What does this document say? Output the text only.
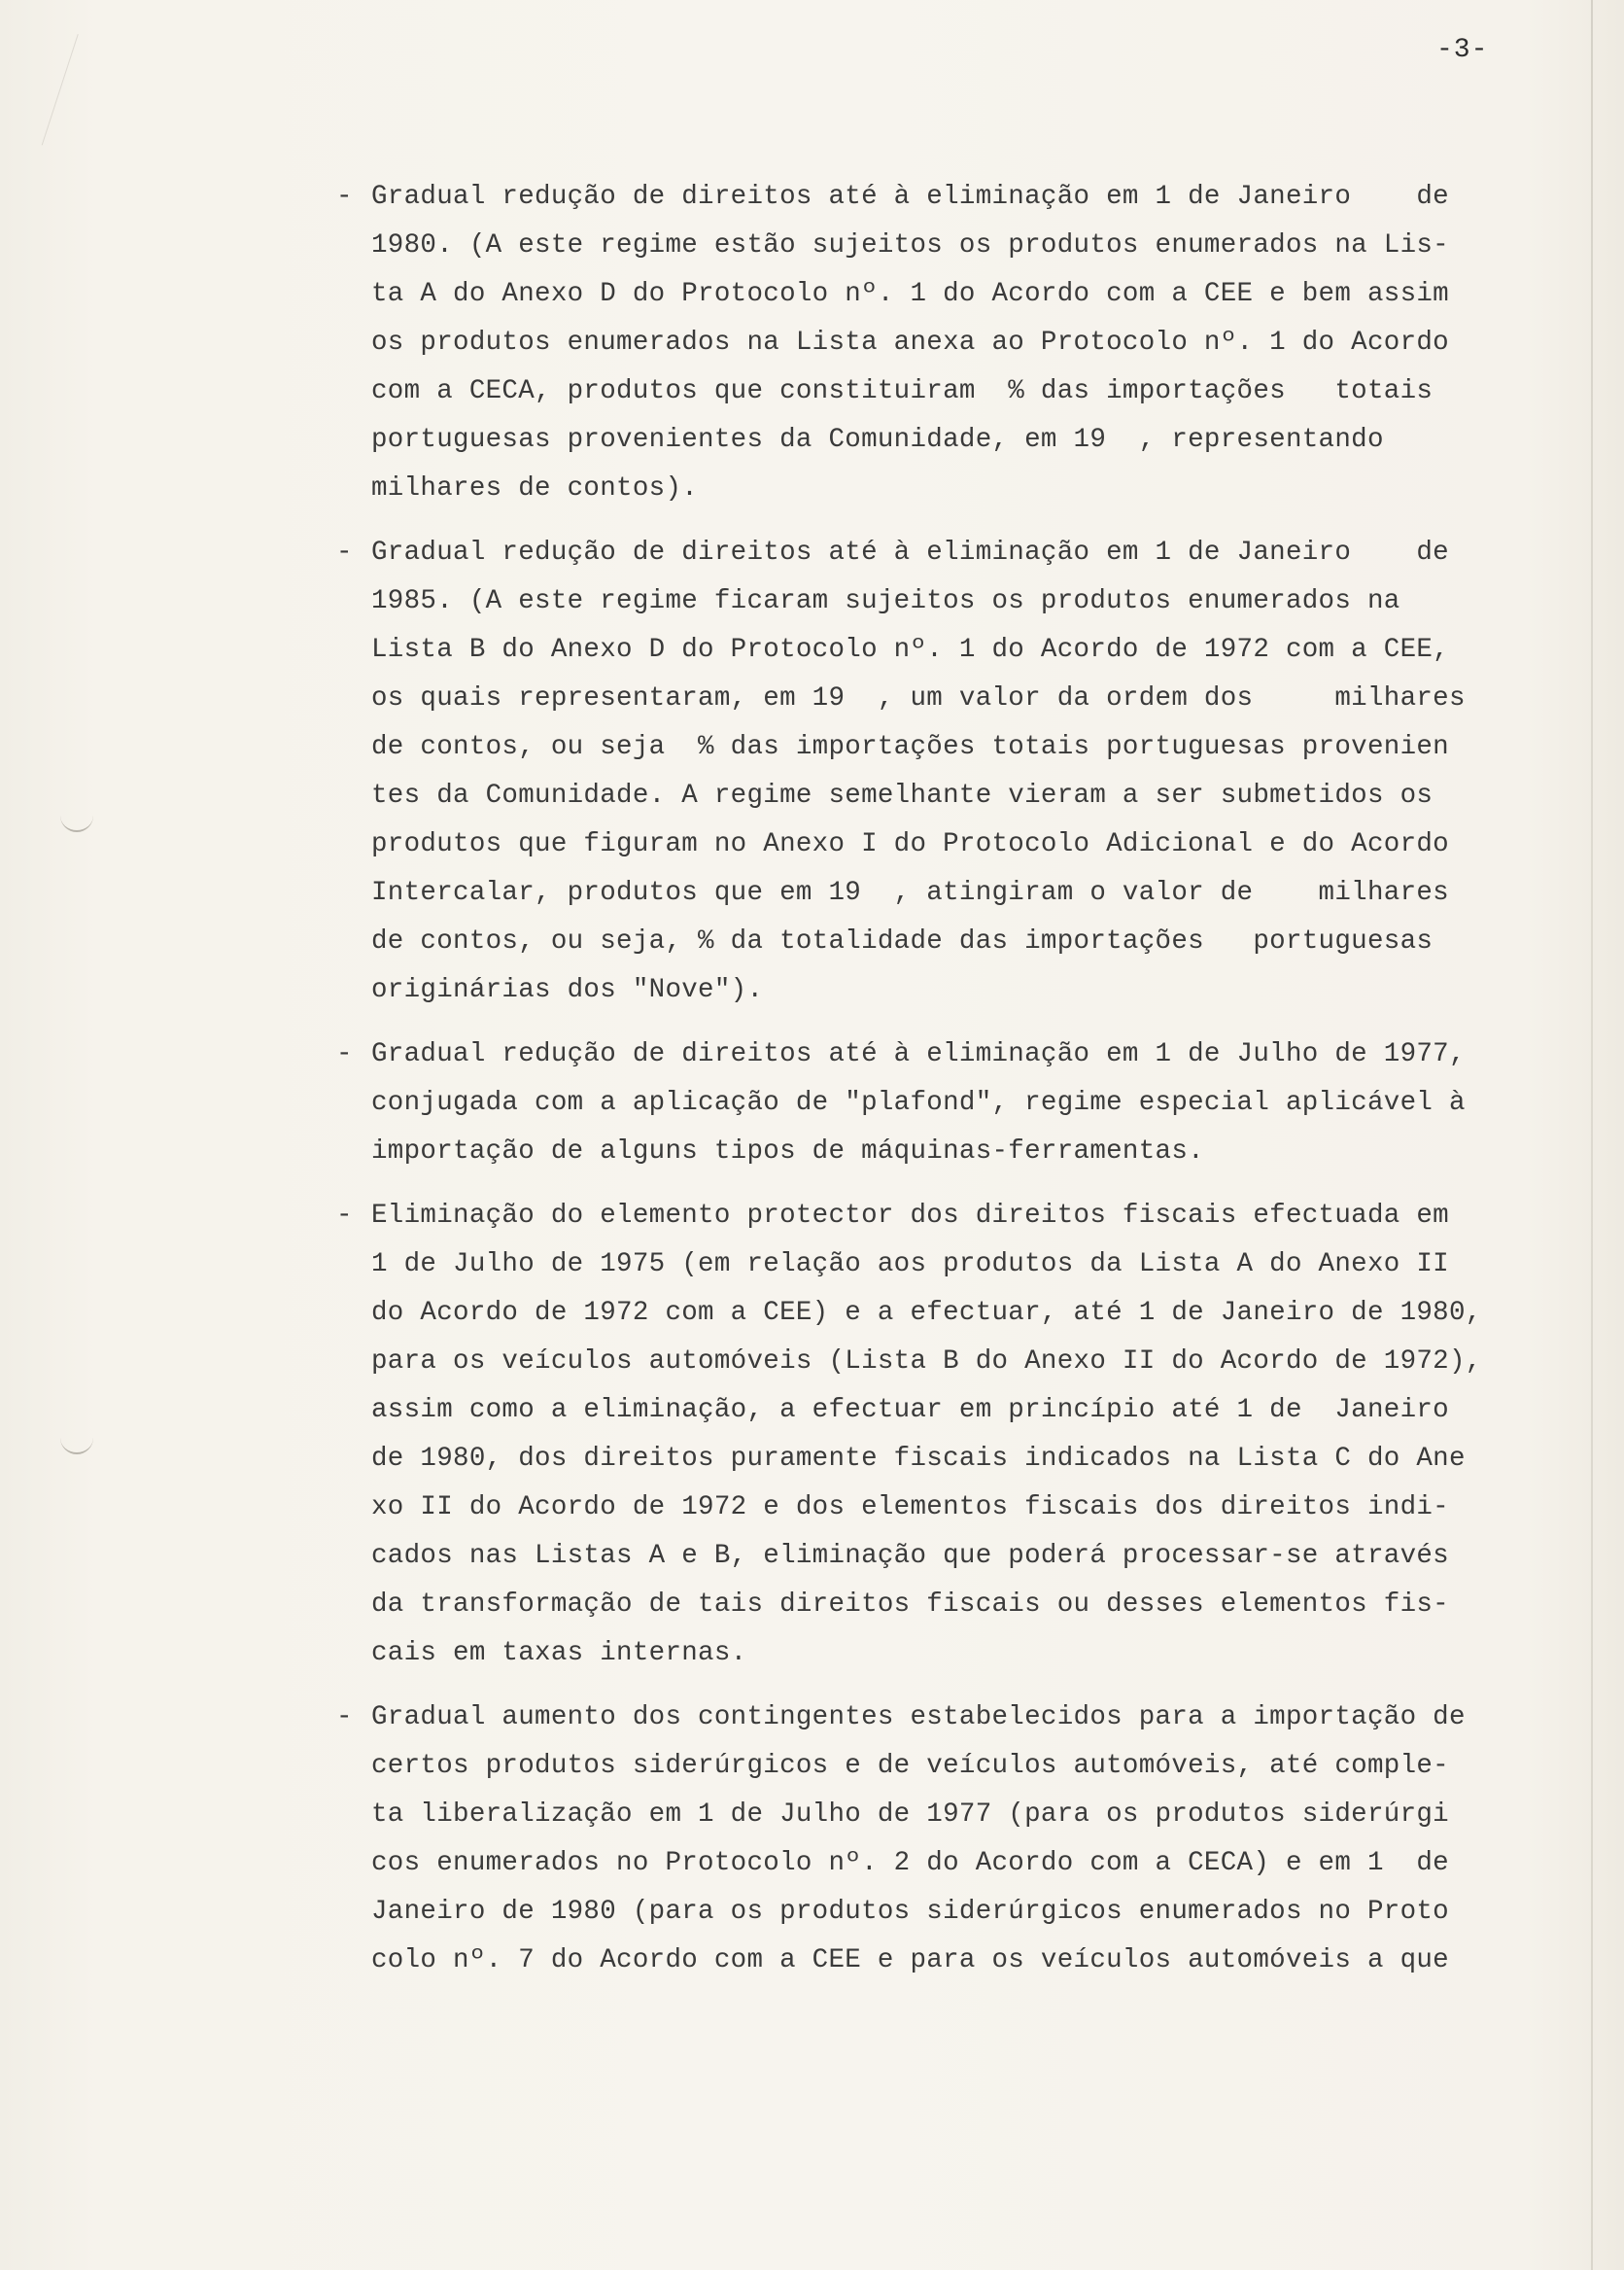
-3-
- Gradual redução de direitos até à eliminação em 1 de Janeiro    de
1980. (A este regime estão sujeitos os produtos enumerados na Lis-
ta A do Anexo D do Protocolo nº. 1 do Acordo com a CEE e bem assim
os produtos enumerados na Lista anexa ao Protocolo nº. 1 do Acordo
com a CECA, produtos que constituiram  % das importações   totais
portuguesas provenientes da Comunidade, em 19  , representando
milhares de contos).
- Gradual redução de direitos até à eliminação em 1 de Janeiro    de
1985. (A este regime ficaram sujeitos os produtos enumerados na
Lista B do Anexo D do Protocolo nº. 1 do Acordo de 1972 com a CEE,
os quais representaram, em 19  , um valor da ordem dos     milhares
de contos, ou seja  % das importações totais portuguesas provenien
tes da Comunidade. A regime semelhante vieram a ser submetidos os
produtos que figuram no Anexo I do Protocolo Adicional e do Acordo
Intercalar, produtos que em 19  , atingiram o valor de    milhares
de contos, ou seja, % da totalidade das importações   portuguesas
originárias dos "Nove").
- Gradual redução de direitos até à eliminação em 1 de Julho de 1977,
conjugada com a aplicação de "plafond", regime especial aplicável à
importação de alguns tipos de máquinas-ferramentas.
- Eliminação do elemento protector dos direitos fiscais efectuada em
1 de Julho de 1975 (em relação aos produtos da Lista A do Anexo II
do Acordo de 1972 com a CEE) e a efectuar, até 1 de Janeiro de 1980,
para os veículos automóveis (Lista B do Anexo II do Acordo de 1972),
assim como a eliminação, a efectuar em princípio até 1 de  Janeiro
de 1980, dos direitos puramente fiscais indicados na Lista C do Ane
xo II do Acordo de 1972 e dos elementos fiscais dos direitos indi-
cados nas Listas A e B, eliminação que poderá processar-se através
da transformação de tais direitos fiscais ou desses elementos fis-
cais em taxas internas.
- Gradual aumento dos contingentes estabelecidos para a importação de
certos produtos siderúrgicos e de veículos automóveis, até comple-
ta liberalização em 1 de Julho de 1977 (para os produtos siderúrgi
cos enumerados no Protocolo nº. 2 do Acordo com a CECA) e em 1  de
Janeiro de 1980 (para os produtos siderúrgicos enumerados no Proto
colo nº. 7 do Acordo com a CEE e para os veículos automóveis a que
